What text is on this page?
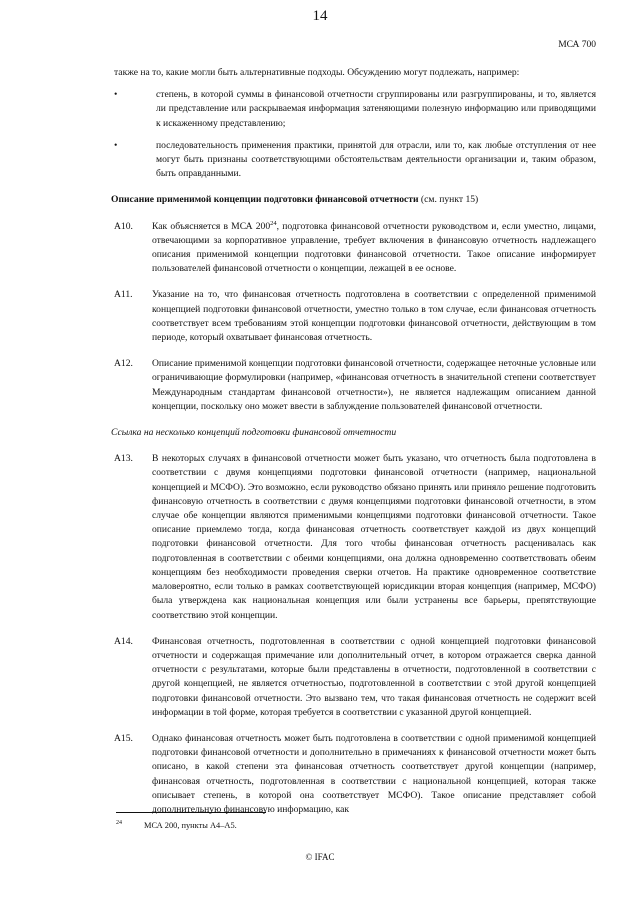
14
МСА 700

также на то, какие могли быть альтернативные подходы. Обсуждению могут подлежать, например:

•	степень, в которой суммы в финансовой отчетности сгруппированы или разгруппированы, и то, является ли представление или раскрываемая информация затеняющими полезную информацию или приводящими к искаженному представлению;
•	последовательность применения практики, принятой для отрасли, или то, как любые отступления от нее могут быть признаны соответствующими обстоятельствам деятельности организации и, таким образом, быть оправданными.

Описание применимой концепции подготовки финансовой отчетности (см. пункт 15)

A10.	Как объясняется в МСА $200^{24}$, подготовка финансовой отчетности руководством и, если уместно, лицами, отвечающими за корпоративное управление, требует включения в финансовую отчетность надлежащего описания применимой концепции подготовки финансовой отчетности. Такое описание информирует пользователей финансовой отчетности о концепции, лежащей в ее основе.
A11.	Указание на то, что финансовая отчетность подготовлена в соответствии с определенной применимой концепцией подготовки финансовой отчетности, уместно только в том случае, если финансовая отчетность соответствует всем требованиям этой концепции подготовки финансовой отчетности, действующим в том периоде, который охватывает финансовая отчетность.
A12.	Описание применимой концепции подготовки финансовой отчетности, содержащее неточные условные или ограничивающие формулировки (например, «финансовая отчетность в значительной степени соответствует Международным стандартам финансовой отчетности»), не является надлежащим описанием данной концепции, поскольку оно может ввести в заблуждение пользователей финансовой отчетности.

Ссылка на несколько концепций подготовки финансовой отчетности

A13.	В некоторых случаях в финансовой отчетности может быть указано, что отчетность была подготовлена в соответствии с двумя концепциями подготовки финансовой отчетности (например, национальной концепцией и МСФО). Это возможно, если руководство обязано принять или приняло решение подготовить финансовую отчетность в соответствии с двумя концепциями подготовки финансовой отчетности, в этом случае обе концепции являются применимыми концепциями подготовки финансовой отчетности. Такое описание приемлемо тогда, когда финансовая отчетность соответствует каждой из двух концепций подготовки финансовой отчетности. Для того чтобы финансовая отчетность расценивалась как подготовленная в соответствии с обеими концепциями, она должна одновременно соответствовать обеим концепциям без необходимости проведения сверки отчетов. На практике одновременное соответствие маловероятно, если только в рамках соответствующей юрисдикции вторая концепция (например, МСФО) была утверждена как национальная концепция или были устранены все барьеры, препятствующие соответствию этой концепции.
A14.	Финансовая отчетность, подготовленная в соответствии с одной концепцией подготовки финансовой отчетности и содержащая примечание или дополнительный отчет, в котором отражается сверка данной отчетности с результатами, которые были представлены в отчетности, подготовленной в соответствии с другой концепцией, не является отчетностью, подготовленной в соответствии с этой другой концепцией подготовки финансовой отчетности. Это вызвано тем, что такая финансовая отчетность не содержит всей информации в той форме, которая требуется в соответствии с указанной другой концепцией.
A15.	Однако финансовая отчетность может быть подготовлена в соответствии с одной применимой концепцией подготовки финансовой отчетности и дополнительно в примечаниях к финансовой отчетности может быть описано, в какой степени эта финансовая отчетность соответствует другой концепции (например, финансовая отчетность, подготовленная в соответствии с национальной концепцией, которая также описывает степень, в которой она соответствует МСФО). Такое описание представляет собой дополнительную финансовую информацию, как
24	МСА 200, пункты А4–А5.
© IFAC
